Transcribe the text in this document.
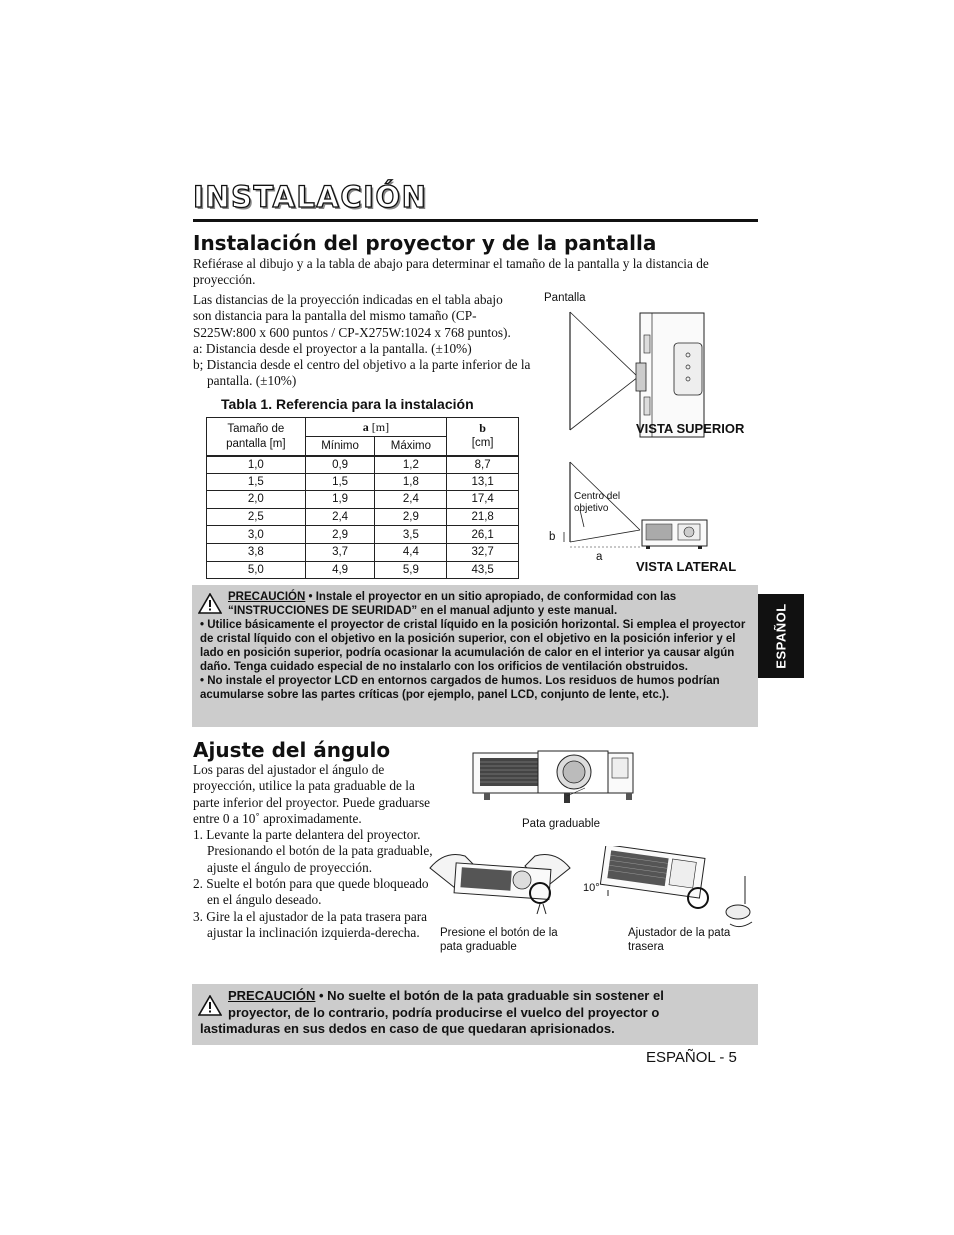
INSTALACIÓN
Instalación del proyector y de la pantalla
Refiérase al dibujo y a la tabla de abajo para determinar el tamaño de la pantalla y la distancia de proyección.
Las distancias de la proyección indicadas en el tabla abajo
son distancia para la pantalla del mismo tamaño (CP-
S225W:800 x 600 puntos / CP-X275W:1024 x 768 puntos).
a: Distancia desde el proyector a la pantalla. (±10%)
b; Distancia desde el centro del objetivo a la parte inferior de la pantalla. (±10%)
Tabla 1. Referencia para la instalación
Tamaño de pantalla [m]	a [m]		b
[cm]
	Mínimo	Máximo	
1,0	0,9	1,2	8,7
1,5	1,5	1,8	13,1
2,0	1,9	2,4	17,4
2,5	2,4	2,9	21,8
3,0	2,9	3,5	26,1
3,8	3,7	4,4	32,7
5,0	4,9	5,9	43,5
Pantalla
VISTA SUPERIOR
Centro del
objetivo
b
a
VISTA LATERAL
PRECAUCIÓN • Instale el proyector en un sitio apropiado, de conformidad con las
“INSTRUCCIONES DE SEURIDAD” en el manual adjunto y este manual.
• Utilice básicamente el proyector de cristal líquido en la posición horizontal. Si emplea el proyector de cristal líquido con el objetivo en la posición superior, con el objetivo en la posición inferior y el lado en posición superior, podría ocasionar la acumulación de calor en el interior ya causar algún daño. Tenga cuidado especial de no instalarlo con los orificios de ventilación obstruidos.
• No instale el proyector LCD en entornos cargados de humos. Los residuos de humos podrían acumularse sobre las partes críticas (por ejemplo, panel LCD, conjunto de lente, etc.).
ESPAÑOL
Ajuste del ángulo
Los paras del ajustador el ángulo de proyección, utilice la pata graduable de la parte inferior del proyector. Puede graduarse entre 0 a 10˚ aproximadamente.
1. Levante la parte delantera del proyector. Presionando el botón de la pata graduable, ajuste el ángulo de proyección.
2. Suelte el botón para que quede bloqueado en el ángulo deseado.
3. Gire la el ajustador de la pata trasera para ajustar la inclinación izquierda-derecha.
Pata graduable
Presione el botón de la pata graduable
10°
Ajustador de la pata trasera
PRECAUCIÓN • No suelte el botón de la pata graduable sin sostener el
proyector, de lo contrario, podría producirse el vuelco del proyector o
lastimaduras en sus dedos en caso de que quedaran aprisionados.
ESPAÑOL - 5
